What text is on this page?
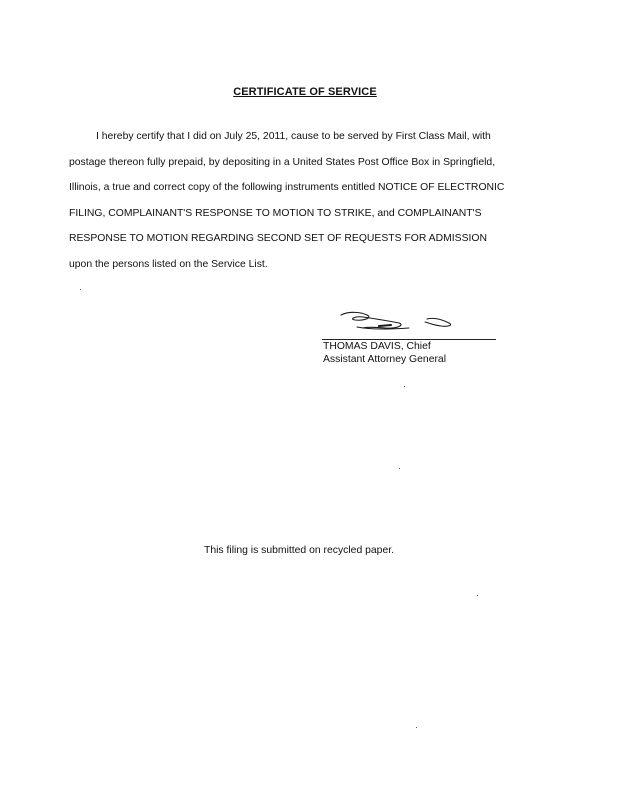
CERTIFICATE OF SERVICE
I hereby certify that I did on July 25, 2011, cause to be served by First Class Mail, with
postage thereon fully prepaid, by depositing in a United States Post Office Box in Springfield,
Illinois, a true and correct copy of the following instruments entitled NOTICE OF ELECTRONIC
FILING, COMPLAINANT'S RESPONSE TO MOTION TO STRIKE, and COMPLAINANT'S
RESPONSE TO MOTION REGARDING SECOND SET OF REQUESTS FOR ADMISSION
upon the persons listed on the Service List.
THOMAS DAVIS, Chief
Assistant Attorney General
This filing is submitted on recycled paper.
